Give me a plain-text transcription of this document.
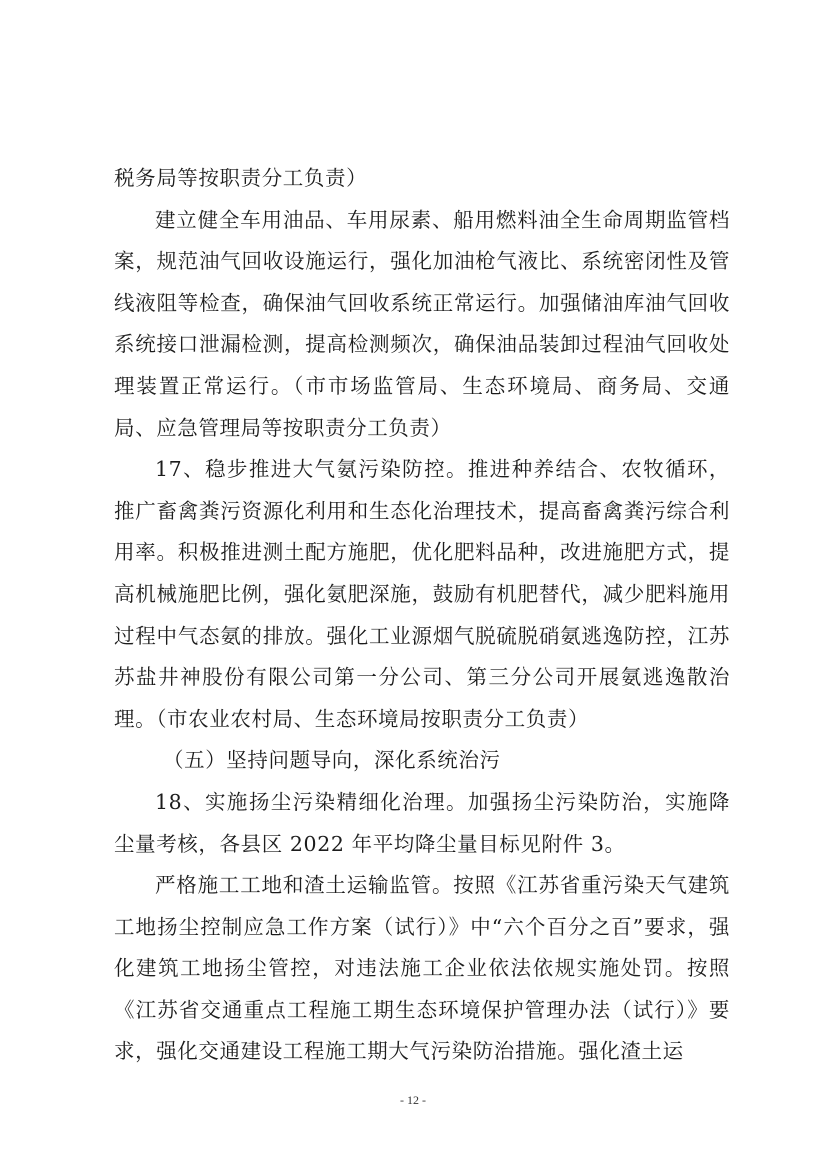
税务局等按职责分工负责）

建立健全车用油品、车用尿素、船用燃料油全生命周期监管档案，规范油气回收设施运行，强化加油枪气液比、系统密闭性及管线液阻等检查，确保油气回收系统正常运行。加强储油库油气回收系统接口泄漏检测，提高检测频次，确保油品装卸过程油气回收处理装置正常运行。（市市场监管局、生态环境局、商务局、交通局、应急管理局等按职责分工负责）

17、稳步推进大气氨污染防控。推进种养结合、农牧循环，推广畜禽粪污资源化利用和生态化治理技术，提高畜禽粪污综合利用率。积极推进测土配方施肥，优化肥料品种，改进施肥方式，提高机械施肥比例，强化氨肥深施，鼓励有机肥替代，减少肥料施用过程中气态氨的排放。强化工业源烟气脱硫脱硝氨逃逸防控，江苏苏盐井神股份有限公司第一分公司、第三分公司开展氨逃逸散治理。（市农业农村局、生态环境局按职责分工负责）

（五）坚持问题导向，深化系统治污

18、实施扬尘污染精细化治理。加强扬尘污染防治，实施降尘量考核，各县区 2022 年平均降尘量目标见附件 3。

严格施工工地和渣土运输监管。按照《江苏省重污染天气建筑工地扬尘控制应急工作方案（试行）》中“六个百分之百”要求，强化建筑工地扬尘管控，对违法施工企业依法依规实施处罚。按照《江苏省交通重点工程施工期生态环境保护管理办法（试行）》要求，强化交通建设工程施工期大气污染防治措施。强化渣土运

- 12 -
